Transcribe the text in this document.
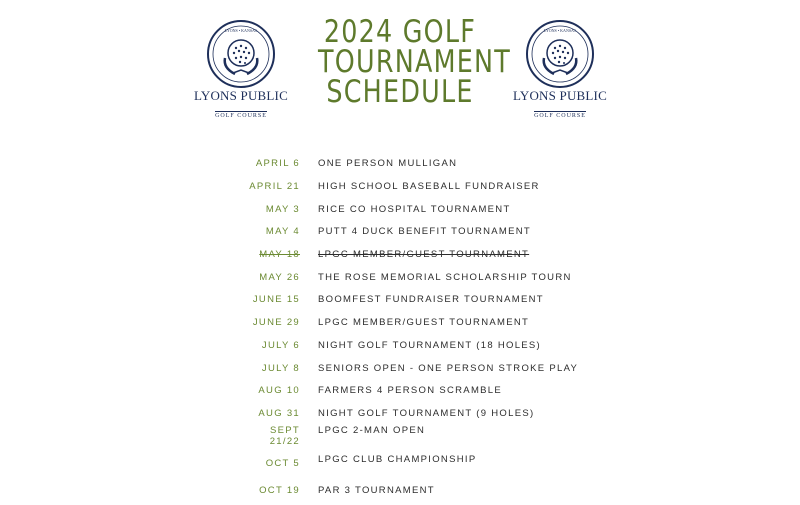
LYONS • KANSAS
LYONS PUBLIC
GOLF COURSE
2024 GOLF
TOURNAMENT
SCHEDULE
LYONS • KANSAS
LYONS PUBLIC
GOLF COURSE
APRIL 6 ONE PERSON MULLIGAN
APRIL 21 HIGH SCHOOL BASEBALL FUNDRAISER
MAY 3 RICE CO HOSPITAL TOURNAMENT
MAY 4 PUTT 4 DUCK BENEFIT TOURNAMENT
MAY 18 LPGC MEMBER/GUEST TOURNAMENT
MAY 26 THE ROSE MEMORIAL SCHOLARSHIP TOURN
JUNE 15 BOOMFEST FUNDRAISER TOURNAMENT
JUNE 29 LPGC MEMBER/GUEST TOURNAMENT
JULY 6 NIGHT GOLF TOURNAMENT (18 HOLES)
JULY 8 SENIORS OPEN - ONE PERSON STROKE PLAY
AUG 10 FARMERS 4 PERSON SCRAMBLE
AUG 31 NIGHT GOLF TOURNAMENT (9 HOLES)
SEPT 21/22
LPGC 2-MAN OPEN
OCT 5 LPGC CLUB CHAMPIONSHIP
OCT 19 PAR 3 TOURNAMENT
